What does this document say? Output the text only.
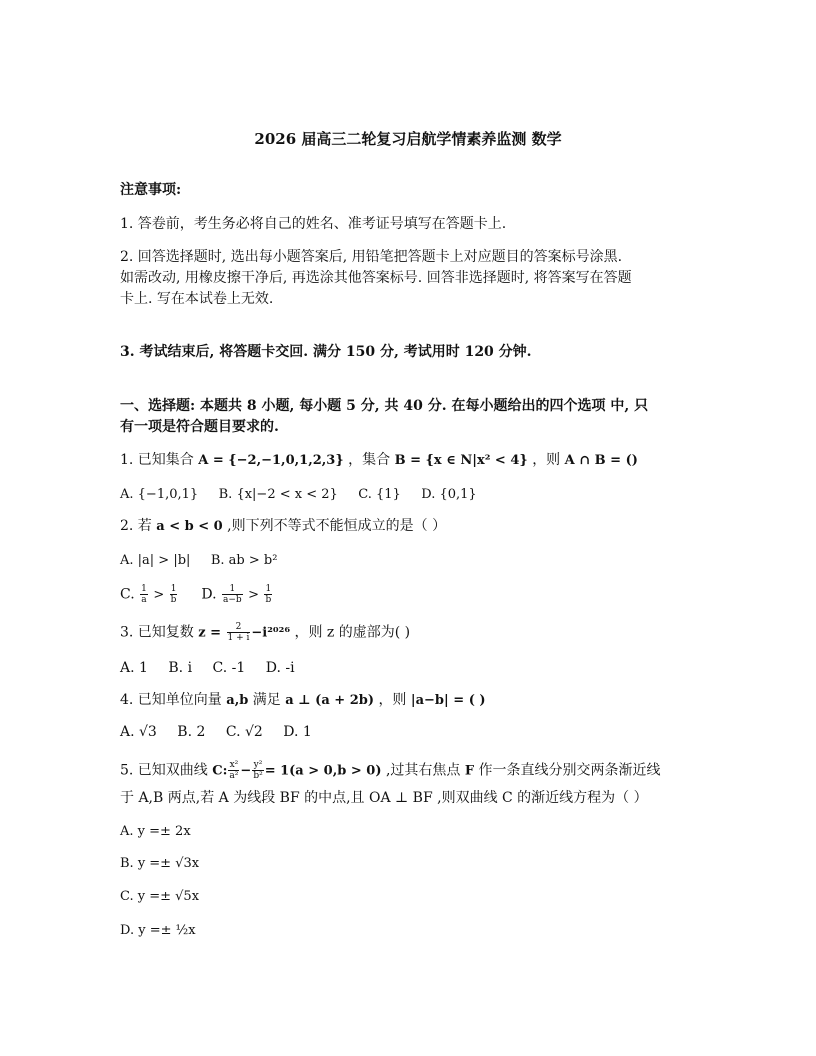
2026 届高三二轮复习启航学情素养监测 数学
注意事项:
1. 答卷前，考生务必将自己的姓名、准考证号填写在答题卡上.
2. 回答选择题时, 选出每小题答案后, 用铅笔把答题卡上对应题目的答案标号涂黑.
如需改动, 用橡皮擦干净后, 再选涂其他答案标号. 回答非选择题时, 将答案写在答题
卡上. 写在本试卷上无效.
3. 考试结束后, 将答题卡交回. 满分 150 分, 考试用时 120 分钟.
一、选择题: 本题共 8 小题, 每小题 5 分, 共 40 分. 在每小题给出的四个选项 中, 只
有一项是符合题目要求的.
1. 已知集合 A = {−2,−1,0,1,2,3} ，集合 B = {x ∈ N|x² < 4} ，则 A ∩ B = ()
A. {−1,0,1} B. {x|−2 < x < 2} C. {1} D. {0,1}
2. 若 a < b < 0 ,则下列不等式不能恒成立的是（ ）
A. |a| > |b| B. ab > b²
C. $\frac{1}{a} > \frac{1}{b} D$. $\frac{1}{a-b} > \frac{1}{b}$
3. 已知复数 $z = \frac{2}{1 + i} -i^{2026}$ ，则 z 的虚部为( )
A. 1 B. i C. -1 D. -i
4. 已知单位向量 a,b 满足 a ⊥ (a + 2b) ，则 |a−b| = ( )
A. √3 B. 2 C. √2 D. 1
5. 已知双曲线 C: $\frac{\text{x²}}{\text{a²}} - \frac{\text{y²}}{\text{b²}} = 1(a > 0,b > 0)$ ,过其右焦点 F 作一条直线分别交两条渐近线
于 A,B 两点,若 A 为线段 BF 的中点,且 OA ⊥ BF ,则双曲线 C 的渐近线方程为（ ）
A. y =± 2x
B. y =± √3x
C. y =± √5x
D. y =± ½x
